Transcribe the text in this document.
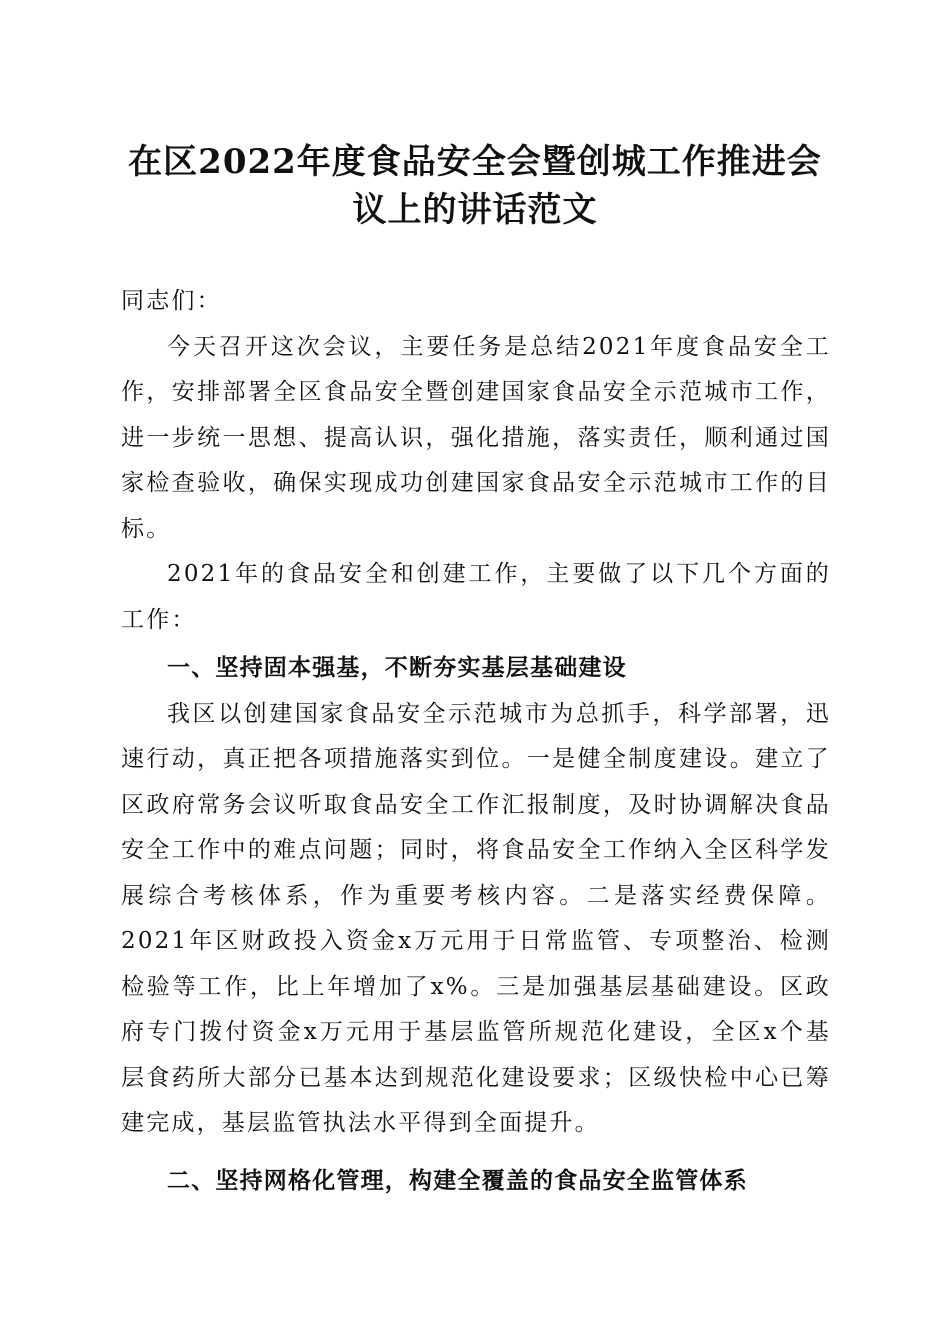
在区2022年度食品安全会暨创城工作推进会
议上的讲话范文

同志们：

今天召开这次会议，主要任务是总结2021年度食品安全工作，安排部署全区食品安全暨创建国家食品安全示范城市工作，进一步统一思想、提高认识，强化措施，落实责任，顺利通过国家检查验收，确保实现成功创建国家食品安全示范城市工作的目标。

2021年的食品安全和创建工作，主要做了以下几个方面的工作：

一、坚持固本强基，不断夯实基层基础建设

我区以创建国家食品安全示范城市为总抓手，科学部署，迅速行动，真正把各项措施落实到位。一是健全制度建设。建立了区政府常务会议听取食品安全工作汇报制度，及时协调解决食品安全工作中的难点问题；同时，将食品安全工作纳入全区科学发展综合考核体系，作为重要考核内容。二是落实经费保障。2021年区财政投入资金x万元用于日常监管、专项整治、检测检验等工作，比上年增加了x%。三是加强基层基础建设。区政府专门拨付资金x万元用于基层监管所规范化建设，全区x个基层食药所大部分已基本达到规范化建设要求；区级快检中心已筹建完成，基层监管执法水平得到全面提升。

二、坚持网格化管理，构建全覆盖的食品安全监管体系
